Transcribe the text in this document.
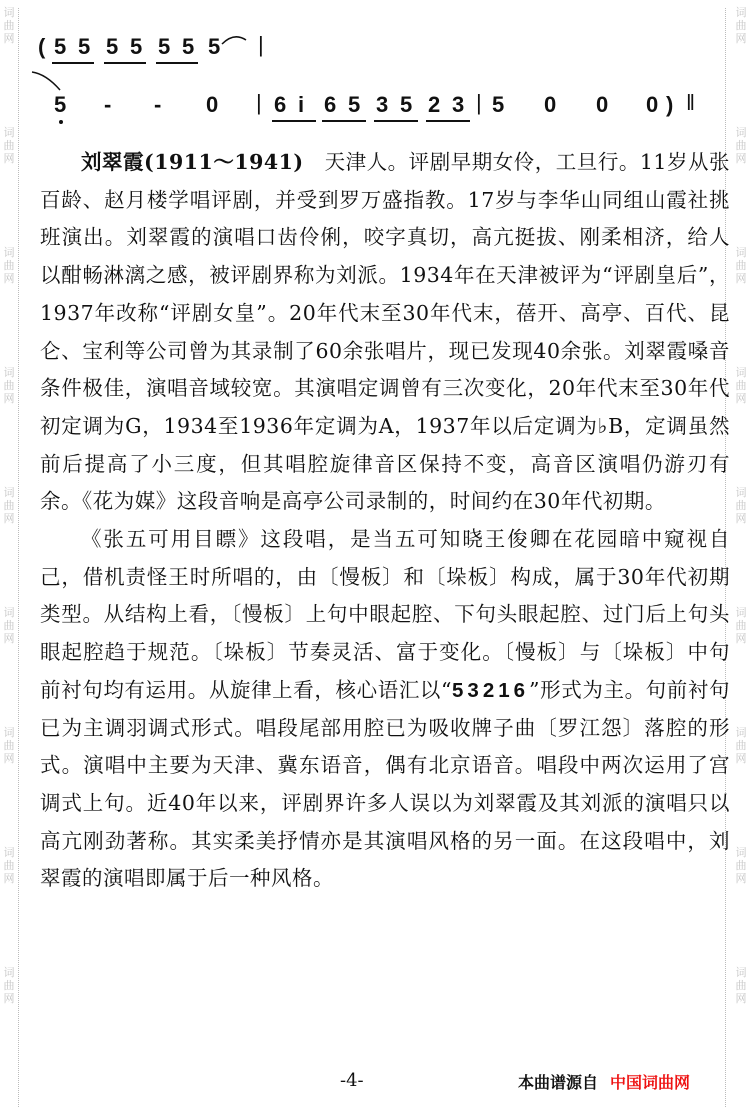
词
曲
网
词
曲
网
词
曲
网
词
曲
网
词
曲
网
词
曲
网
词
曲
网
词
曲
网
词
曲
网
词
曲
网
词
曲
网
词
曲
网
词
曲
网
词
曲
网
词
曲
网
词
曲
网
词
曲
网
词
曲
网
( 5 5 5 5 5 5 5 |
5 - - 0 | 6 i 6 5 3 5 2 3 | 5 0 0 0 ) ‖

刘翠霞(1911～1941)　天津人。评剧早期女伶，工旦行。11岁从张百龄、赵月楼学唱评剧，并受到罗万盛指教。17岁与李华山同组山霞社挑班演出。刘翠霞的演唱口齿伶俐，咬字真切，高亢挺拔、刚柔相济，给人以酣畅淋漓之感，被评剧界称为刘派。1934年在天津被评为“评剧皇后”，1937年改称“评剧女皇”。20年代末至30年代末，蓓开、高亭、百代、昆仑、宝利等公司曾为其录制了60余张唱片，现已发现40余张。刘翠霞嗓音条件极佳，演唱音域较宽。其演唱定调曾有三次变化，20年代末至30年代初定调为G，1934至1936年定调为A，1937年以后定调为♭B，定调虽然前后提高了小三度，但其唱腔旋律音区保持不变，高音区演唱仍游刃有余。《花为媒》这段音响是高亭公司录制的，时间约在30年代初期。

《张五可用目瞟》这段唱，是当五可知晓王俊卿在花园暗中窥视自己，借机责怪王时所唱的，由〔慢板〕和〔垛板〕构成，属于30年代初期类型。从结构上看，〔慢板〕上句中眼起腔、下句头眼起腔、过门后上句头眼起腔趋于规范。〔垛板〕节奏灵活、富于变化。〔慢板〕与〔垛板〕中句前衬句均有运用。从旋律上看，核心语汇以“53216”形式为主。句前衬句已为主调羽调式形式。唱段尾部用腔已为吸收牌子曲〔罗江怨〕落腔的形式。演唱中主要为天津、冀东语音，偶有北京语音。唱段中两次运用了宫调式上句。近40年以来，评剧界许多人误以为刘翠霞及其刘派的演唱只以高亢刚劲著称。其实柔美抒情亦是其演唱风格的另一面。在这段唱中，刘翠霞的演唱即属于后一种风格。

-4-	本曲谱源自 中国词曲网
